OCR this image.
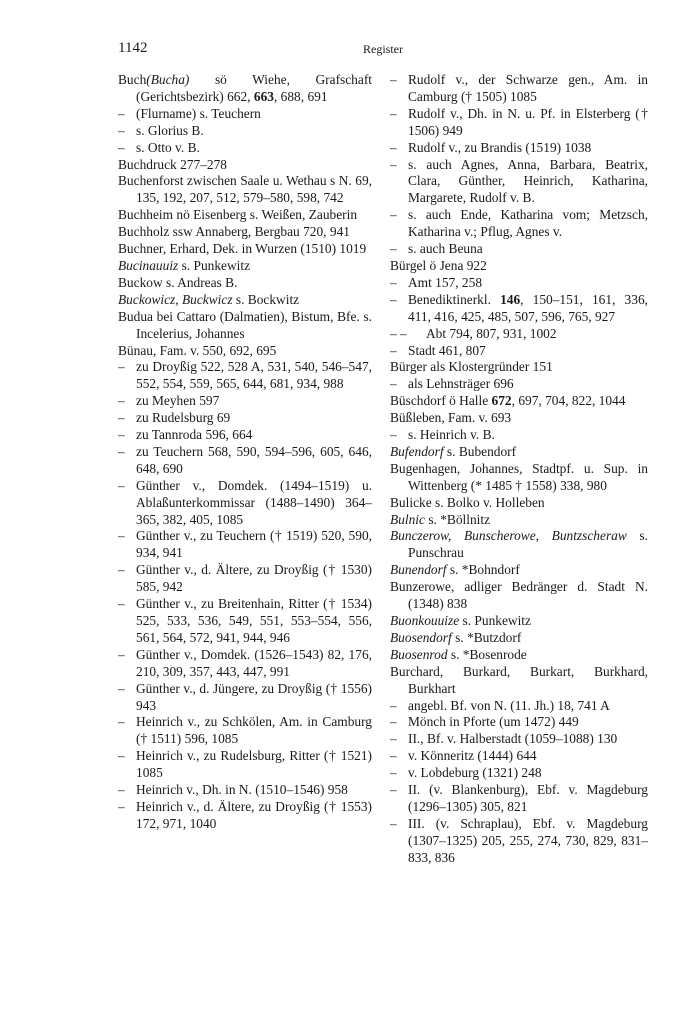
1142	Register

Buch(Bucha) sö Wiehe, Grafschaft (Gerichtsbezirk) 662, 663, 688, 691

– (Flurname) s. Teuchern

– s. Glorius B.

– s. Otto v. B.

Buchdruck 277–278

Buchenforst zwischen Saale u. Wethau s N. 69, 135, 192, 207, 512, 579–580, 598, 742

Buchheim nö Eisenberg s. Weißen, Zauberin

Buchholz ssw Annaberg, Bergbau 720, 941

Buchner, Erhard, Dek. in Wurzen (1510) 1019

Bucinauuiz s. Punkewitz

Buckow s. Andreas B.

Buckowicz, Buckwicz s. Bockwitz

Budua bei Cattaro (Dalmatien), Bistum, Bfe. s. Incelerius, Johannes

Bünau, Fam. v. 550, 692, 695

– zu Droyßig 522, 528 A, 531, 540, 546–547, 552, 554, 559, 565, 644, 681, 934, 988

– zu Meyhen 597

– zu Rudelsburg 69

– zu Tannroda 596, 664

– zu Teuchern 568, 590, 594–596, 605, 646, 648, 690

– Günther v., Domdek. (1494–1519) u. Ablaßunterkommissar (1488–1490) 364–365, 382, 405, 1085

– Günther v., zu Teuchern († 1519) 520, 590, 934, 941

– Günther v., d. Ältere, zu Droyßig († 1530) 585, 942

– Günther v., zu Breitenhain, Ritter († 1534) 525, 533, 536, 549, 551, 553–554, 556, 561, 564, 572, 941, 944, 946

– Günther v., Domdek. (1526–1543) 82, 176, 210, 309, 357, 443, 447, 991

– Günther v., d. Jüngere, zu Droyßig († 1556) 943

– Heinrich v., zu Schkölen, Am. in Camburg († 1511) 596, 1085

– Heinrich v., zu Rudelsburg, Ritter († 1521) 1085

– Heinrich v., Dh. in N. (1510–1546) 958

– Heinrich v., d. Ältere, zu Droyßig († 1553) 172, 971, 1040

– Rudolf v., der Schwarze gen., Am. in Camburg († 1505) 1085

– Rudolf v., Dh. in N. u. Pf. in Elsterberg († 1506) 949

– Rudolf v., zu Brandis (1519) 1038

– s. auch Agnes, Anna, Barbara, Beatrix, Clara, Günther, Heinrich, Katharina, Margarete, Rudolf v. B.

– s. auch Ende, Katharina vom; Metzsch, Katharina v.; Pflug, Agnes v.

– s. auch Beuna

Bürgel ö Jena 922

– Amt 157, 258

– Benediktinerkl. 146, 150–151, 161, 336, 411, 416, 425, 485, 507, 596, 765, 927

– – Abt 794, 807, 931, 1002

– Stadt 461, 807

Bürger als Klostergründer 151

– als Lehnsträger 696

Büschdorf ö Halle 672, 697, 704, 822, 1044

Büßleben, Fam. v. 693

– s. Heinrich v. B.

Bufendorf s. Bubendorf

Bugenhagen, Johannes, Stadtpf. u. Sup. in Wittenberg (* 1485 † 1558) 338, 980

Bulicke s. Bolko v. Holleben

Bulnic s. *Böllnitz

Bunczerow, Bunscherowe, Buntzscheraw s. Punschrau

Bunendorf s. *Bohndorf

Bunzerowe, adliger Bedränger d. Stadt N. (1348) 838

Buonkouuize s. Punkewitz

Buosendorf s. *Butzdorf

Buosenrod s. *Bosenrode

Burchard, Burkard, Burkart, Burkhard, Burkhart

– angebl. Bf. von N. (11. Jh.) 18, 741 A

– Mönch in Pforte (um 1472) 449

– II., Bf. v. Halberstadt (1059–1088) 130

– v. Könneritz (1444) 644

– v. Lobdeburg (1321) 248

– II. (v. Blankenburg), Ebf. v. Magdeburg (1296–1305) 305, 821

– III. (v. Schraplau), Ebf. v. Magdeburg (1307–1325) 205, 255, 274, 730, 829, 831–833, 836
